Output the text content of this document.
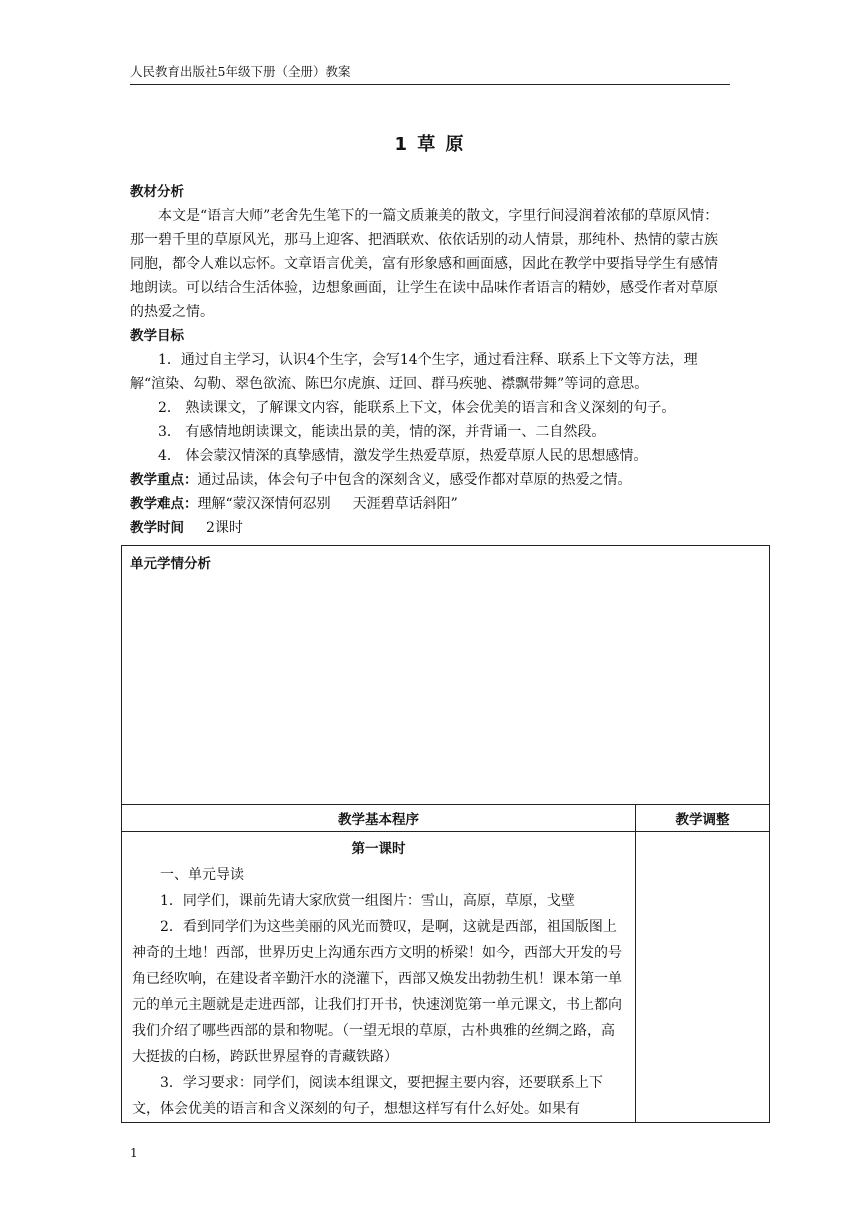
人民教育出版社5年级下册（全册）教案
1 草 原
教材分析

本文是“语言大师”老舍先生笔下的一篇文质兼美的散文，字里行间浸润着浓郁的草原风情：那一碧千里的草原风光，那马上迎客、把酒联欢、依依话别的动人情景，那纯朴、热情的蒙古族同胞，都令人难以忘怀。文章语言优美，富有形象感和画面感，因此在教学中要指导学生有感情地朗读。可以结合生活体验，边想象画面，让学生在读中品味作者语言的精妙，感受作者对草原的热爱之情。

教学目标

1．通过自主学习，认识4个生字，会写14个生字，通过看注释、联系上下文等方法，理解“渲染、勾勒、翠色欲流、陈巴尔虎旗、迂回、群马疾驰、襟飘带舞”等词的意思。

2． 熟读课文，了解课文内容，能联系上下文，体会优美的语言和含义深刻的句子。

3． 有感情地朗读课文，能读出景的美，情的深，并背诵一、二自然段。

4． 体会蒙汉情深的真挚感情，激发学生热爱草原，热爱草原人民的思想感情。

教学重点：通过品读，体会句子中包含的深刻含义，感受作都对草原的热爱之情。

教学难点：理解“蒙汉深情何忍别 天涯碧草话斜阳”

教学时间 2课时

单元学情分析	
教学基本程序	教学调整

第一课时

一、单元导读

1．同学们，课前先请大家欣赏一组图片：雪山，高原，草原，戈壁

2．看到同学们为这些美丽的风光而赞叹，是啊，这就是西部，祖国版图上神奇的土地！西部，世界历史上沟通东西方文明的桥梁！如今，西部大开发的号角已经吹响，在建设者辛勤汗水的浇灌下，西部又焕发出勃勃生机！课本第一单元的单元主题就是走进西部，让我们打开书，快速浏览第一单元课文，书上都向我们介绍了哪些西部的景和物呢。（一望无垠的草原，古朴典雅的丝绸之路，高大挺拔的白杨，跨跃世界屋脊的青藏铁路）

3．学习要求：同学们，阅读本组课文，要把握主要内容，还要联系上下文，体会优美的语言和含义深刻的句子，想想这样写有什么好处。如果有	

1
